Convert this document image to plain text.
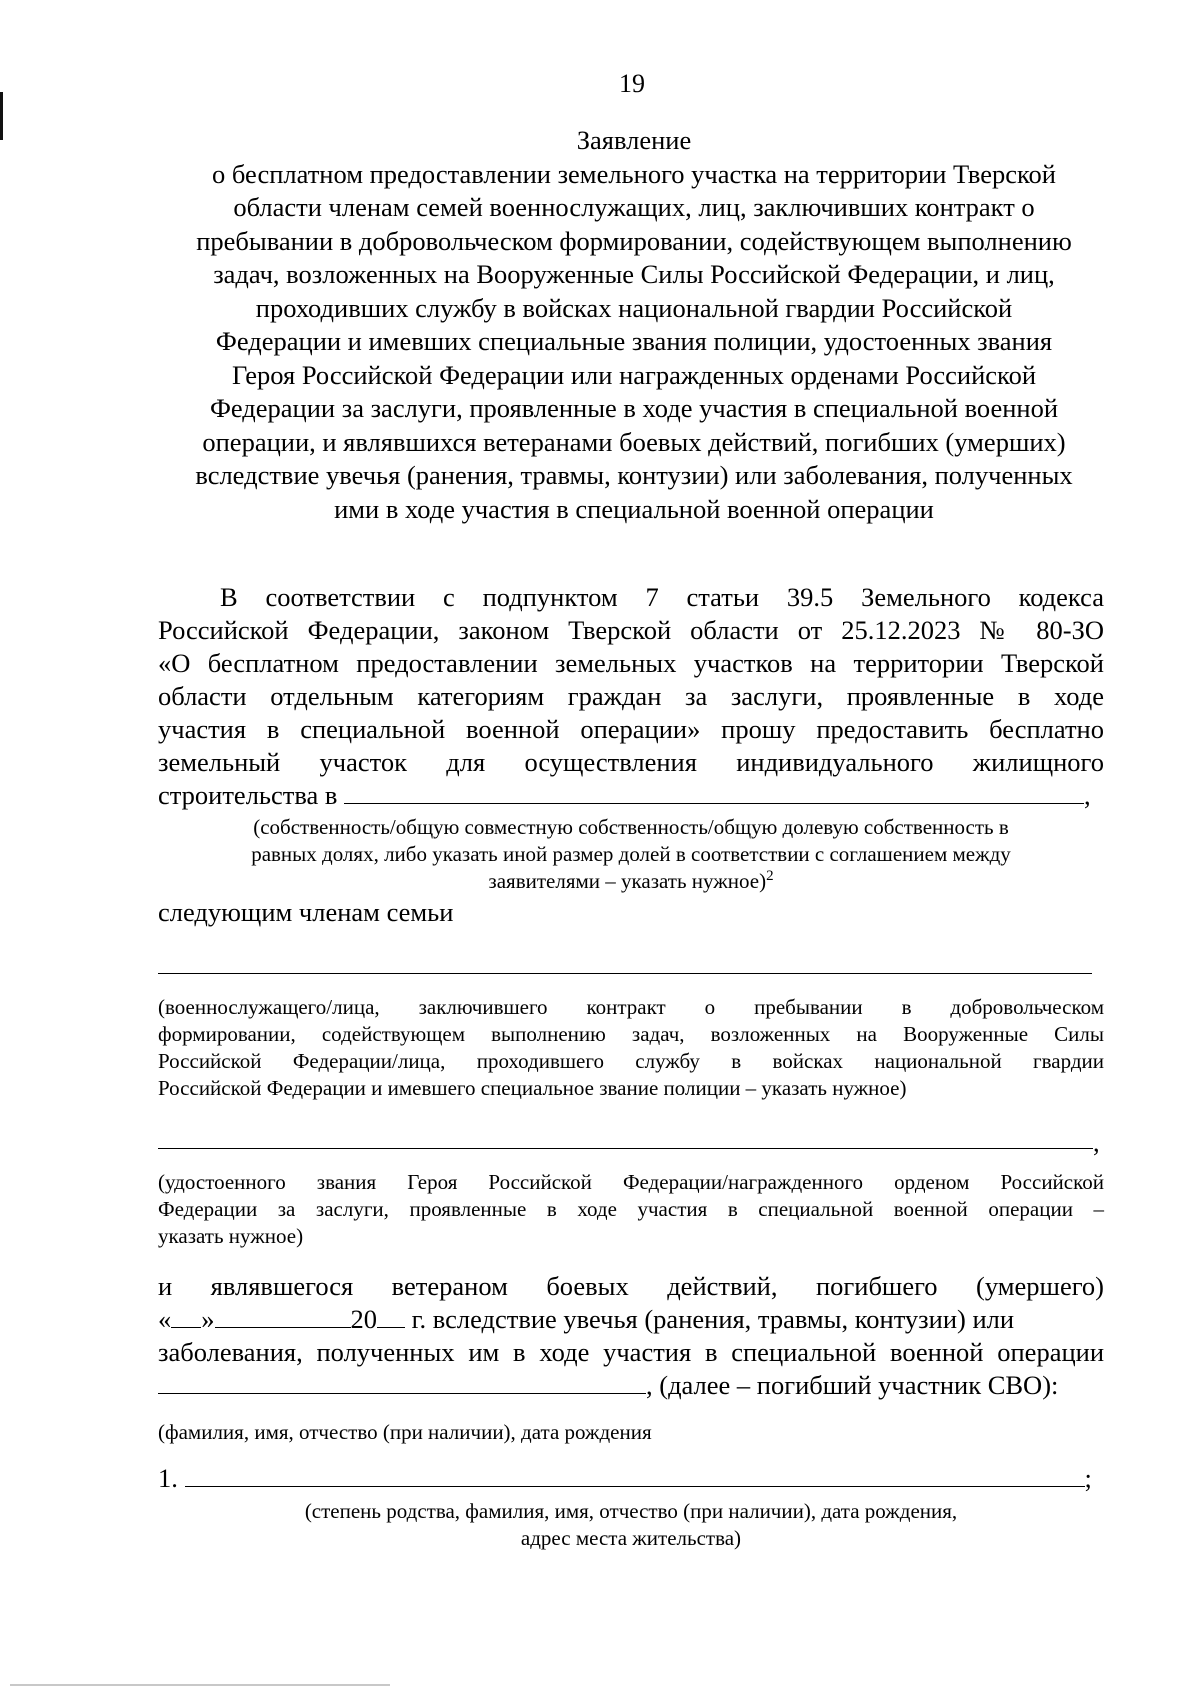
19
Заявление
о бесплатном предоставлении земельного участка на территории Тверской
области членам семей военнослужащих, лиц, заключивших контракт о
пребывании в добровольческом формировании, содействующем выполнению
задач, возложенных на Вооруженные Силы Российской Федерации, и лиц,
проходивших службу в войсках национальной гвардии Российской
Федерации и имевших специальные звания полиции, удостоенных звания
Героя Российской Федерации или награжденных орденами Российской
Федерации за заслуги, проявленные в ходе участия в специальной военной
операции, и являвшихся ветеранами боевых действий, погибших (умерших)
вследствие увечья (ранения, травмы, контузии) или заболевания, полученных
ими в ходе участия в специальной военной операции
В соответствии с подпунктом 7 статьи 39.5 Земельного кодекса
Российской Федерации, законом Тверской области от 25.12.2023 № 80-ЗО
«О бесплатном предоставлении земельных участков на территории Тверской
области отдельным категориям граждан за заслуги, проявленные в ходе
участия в специальной военной операции» прошу предоставить бесплатно
земельный участок для осуществления индивидуального жилищного
строительства в	,
(собственность/общую совместную собственность/общую долевую собственность в
равных долях, либо указать иной размер долей в соответствии с соглашением между
заявителями – указать нужное)$^2$
следующим членам семьи
(военнослужащего/лица, заключившего контракт о пребывании в добровольческом
формировании, содействующем выполнению задач, возложенных на Вооруженные Силы
Российской Федерации/лица, проходившего службу в войсках национальной гвардии
Российской Федерации и имевшего специальное звание полиции – указать нужное)
,
(удостоенного звания Героя Российской Федерации/награжденного орденом Российской
Федерации за заслуги, проявленные в ходе участия в специальной военной операции –
указать нужное)
и являвшегося ветераном боевых действий, погибшего (умершего)
« »	20 г. вследствие увечья (ранения, травмы, контузии) или
заболевания, полученных им в ходе участия в специальной военной операции
, (далее – погибший участник СВО):
(фамилия, имя, отчество (при наличии), дата рождения
1.	;
(степень родства, фамилия, имя, отчество (при наличии), дата рождения,
адрес места жительства)
